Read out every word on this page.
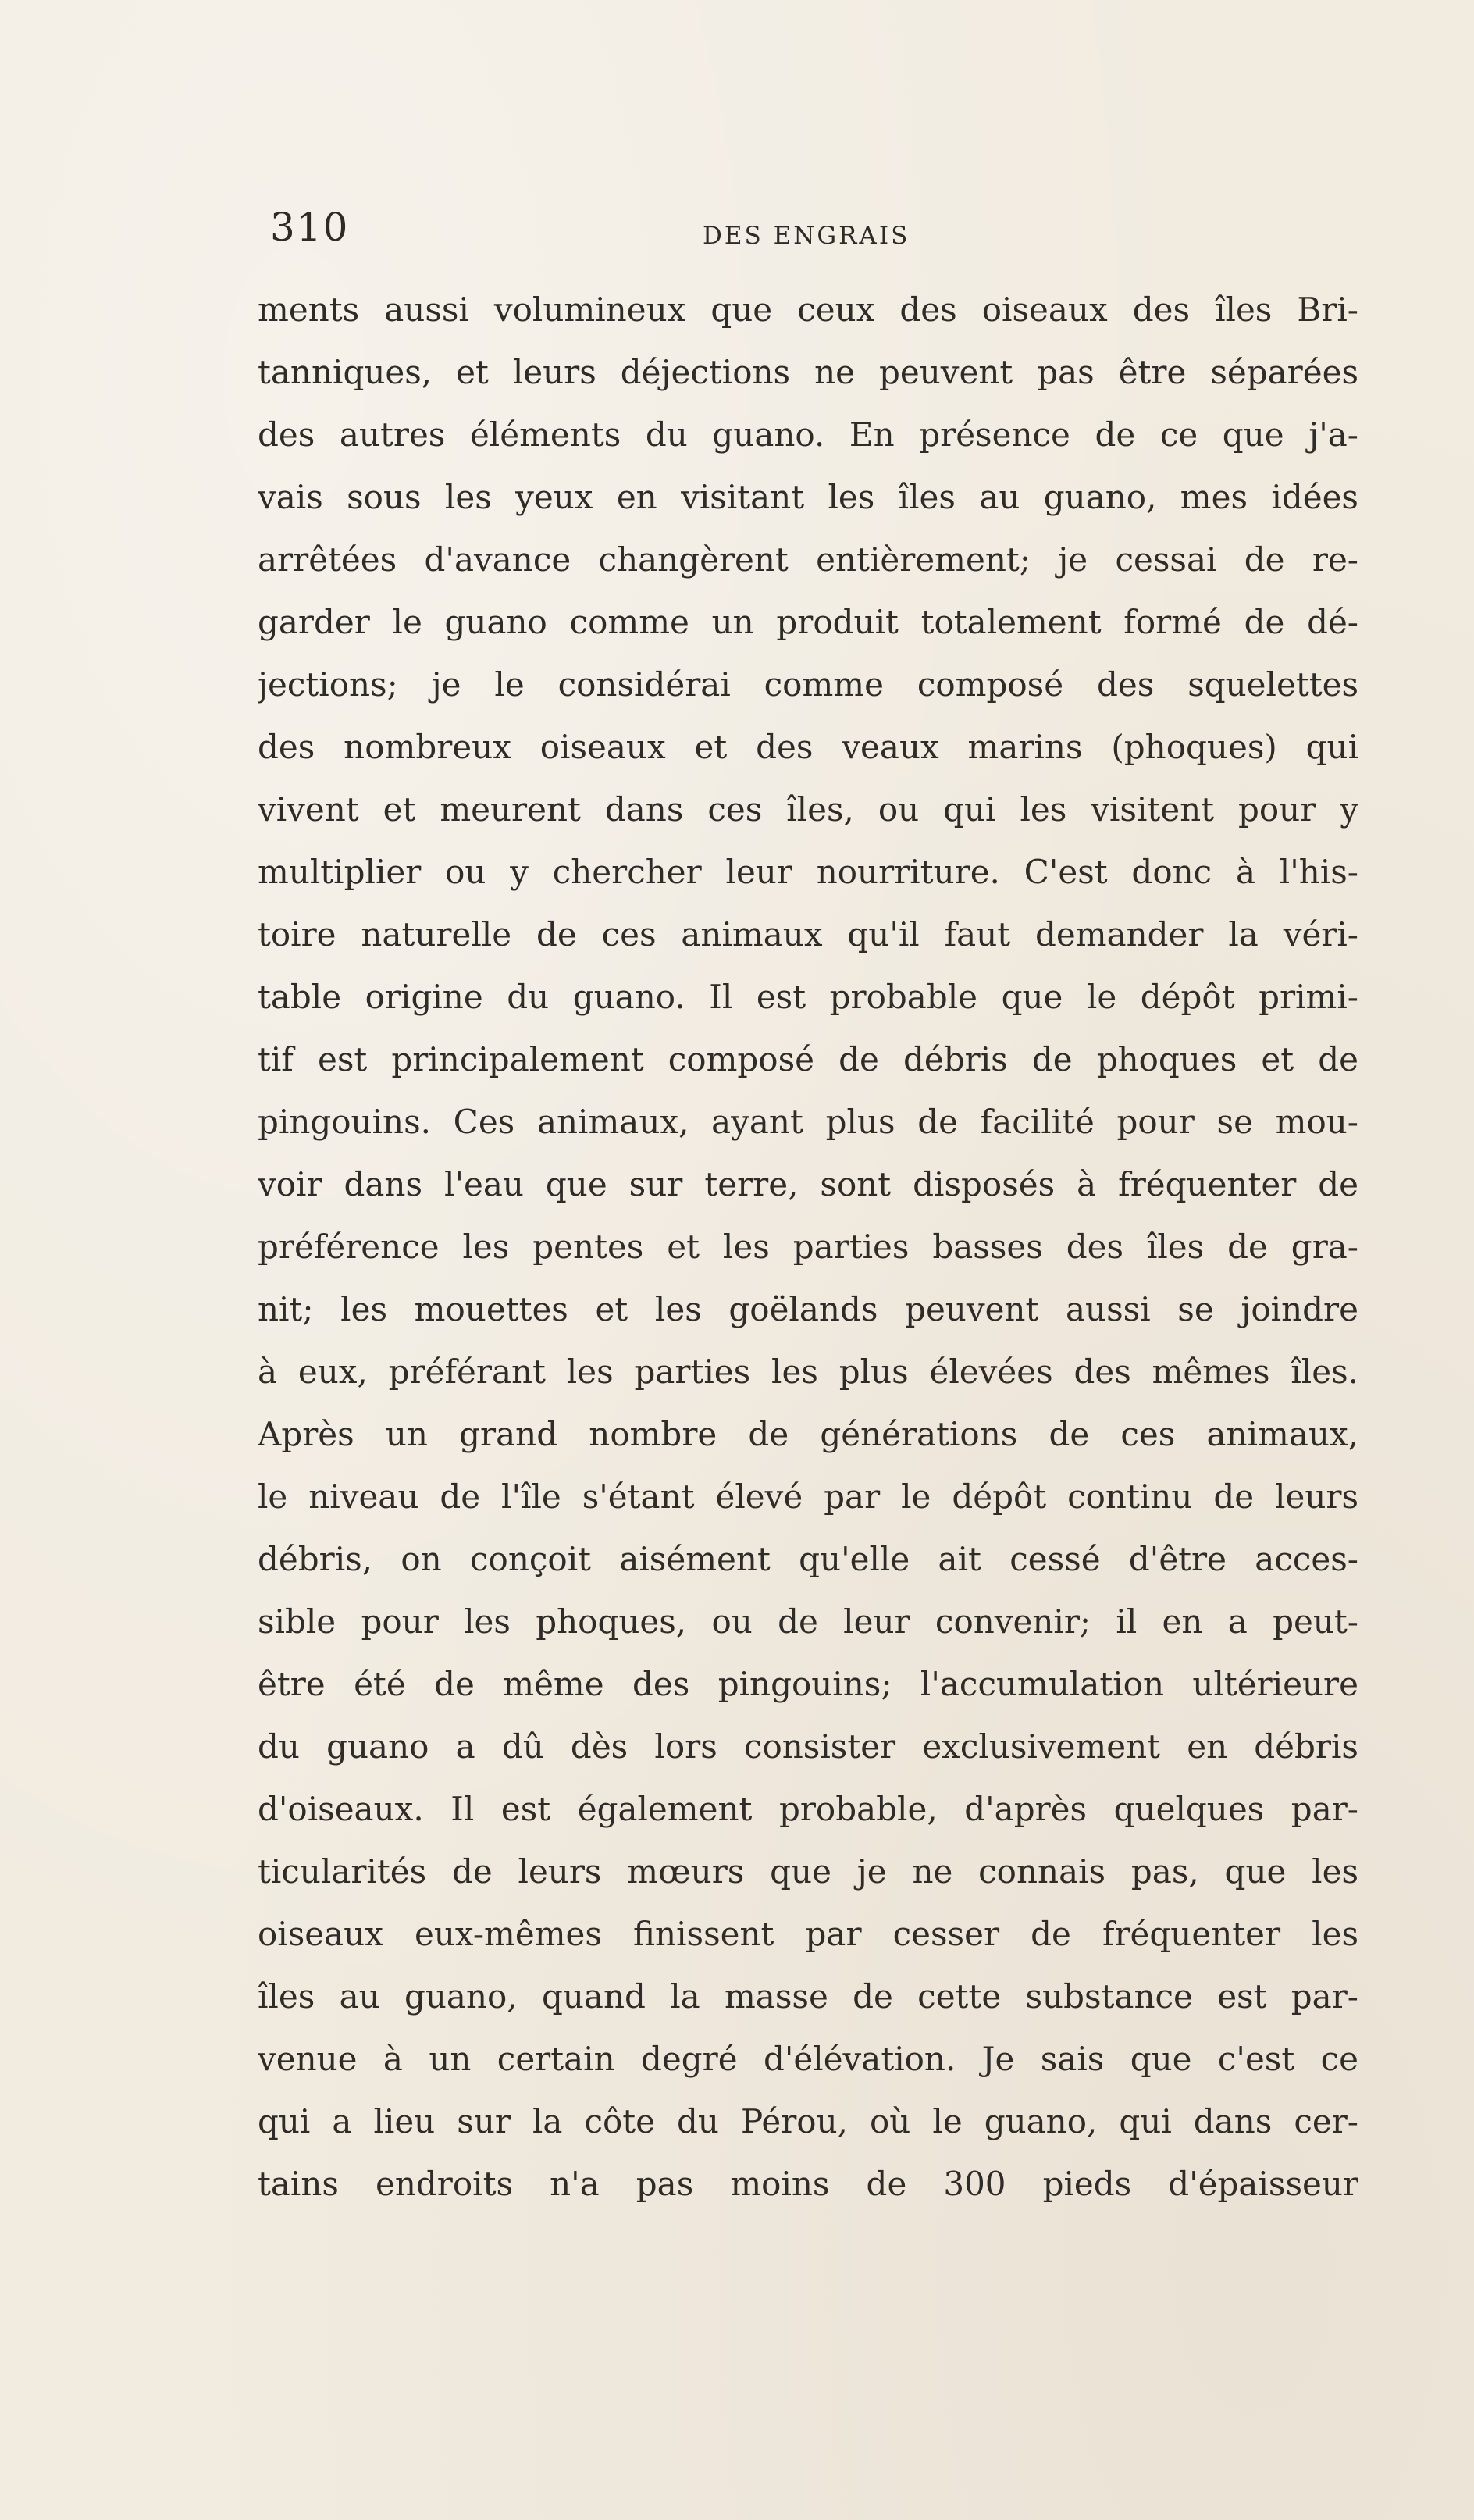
310	DES ENGRAIS
ments aussi volumineux que ceux des oiseaux des îles Bri-
tanniques, et leurs déjections ne peuvent pas être séparées
des autres éléments du guano. En présence de ce que j'a-
vais sous les yeux en visitant les îles au guano, mes idées
arrêtées d'avance changèrent entièrement; je cessai de re-
garder le guano comme un produit totalement formé de dé-
jections; je le considérai comme composé des squelettes
des nombreux oiseaux et des veaux marins (phoques) qui
vivent et meurent dans ces îles, ou qui les visitent pour y
multiplier ou y chercher leur nourriture. C'est donc à l'his-
toire naturelle de ces animaux qu'il faut demander la véri-
table origine du guano. Il est probable que le dépôt primi-
tif est principalement composé de débris de phoques et de
pingouins. Ces animaux, ayant plus de facilité pour se mou-
voir dans l'eau que sur terre, sont disposés à fréquenter de
préférence les pentes et les parties basses des îles de gra-
nit; les mouettes et les goëlands peuvent aussi se joindre
à eux, préférant les parties les plus élevées des mêmes îles.
Après un grand nombre de générations de ces animaux,
le niveau de l'île s'étant élevé par le dépôt continu de leurs
débris, on conçoit aisément qu'elle ait cessé d'être acces-
sible pour les phoques, ou de leur convenir; il en a peut-
être été de même des pingouins; l'accumulation ultérieure
du guano a dû dès lors consister exclusivement en débris
d'oiseaux. Il est également probable, d'après quelques par-
ticularités de leurs mœurs que je ne connais pas, que les
oiseaux eux-mêmes finissent par cesser de fréquenter les
îles au guano, quand la masse de cette substance est par-
venue à un certain degré d'élévation. Je sais que c'est ce
qui a lieu sur la côte du Pérou, où le guano, qui dans cer-
tains endroits n'a pas moins de 300 pieds d'épaisseur
